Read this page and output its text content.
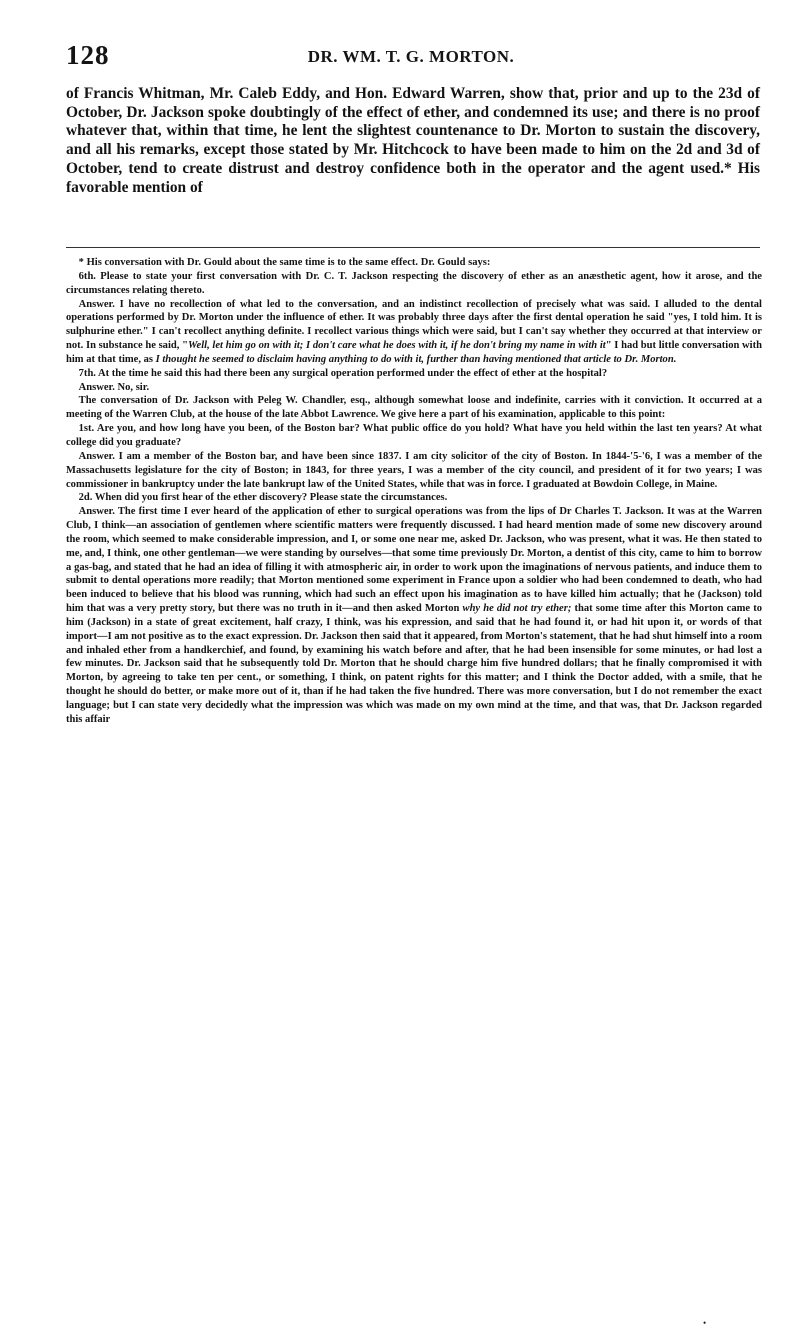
128	DR. WM. T. G. MORTON.

of Francis Whitman, Mr. Caleb Eddy, and Hon. Edward Warren, show that, prior and up to the 23d of October, Dr. Jackson spoke doubtingly of the effect of ether, and condemned its use; and there is no proof whatever that, within that time, he lent the slightest countenance to Dr. Morton to sustain the discovery, and all his remarks, except those stated by Mr. Hitchcock to have been made to him on the 2d and 3d of October, tend to create distrust and destroy confidence both in the operator and the agent used.* His favorable mention of

* His conversation with Dr. Gould about the same time is to the same effect. Dr. Gould says:

6th. Please to state your first conversation with Dr. C. T. Jackson respecting the discovery of ether as an anæsthetic agent, how it arose, and the circumstances relating thereto.

Answer. I have no recollection of what led to the conversation, and an indistinct recollection of precisely what was said. I alluded to the dental operations performed by Dr. Morton under the influence of ether. It was probably three days after the first dental operation he said "yes, I told him. It is sulphurine ether." I can't recollect anything definite. I recollect various things which were said, but I can't say whether they occurred at that interview or not. In substance he said, "Well, let him go on with it; I don't care what he does with it, if he don't bring my name in with it" I had but little conversation with him at that time, as I thought he seemed to disclaim having anything to do with it, further than having mentioned that article to Dr. Morton.

7th. At the time he said this had there been any surgical operation performed under the effect of ether at the hospital?

Answer. No, sir.

The conversation of Dr. Jackson with Peleg W. Chandler, esq., although somewhat loose and indefinite, carries with it conviction. It occurred at a meeting of the Warren Club, at the house of the late Abbot Lawrence. We give here a part of his examination, applicable to this point:

1st. Are you, and how long have you been, of the Boston bar? What public office do you hold? What have you held within the last ten years? At what college did you graduate?

Answer. I am a member of the Boston bar, and have been since 1837. I am city solicitor of the city of Boston. In 1844-'5-'6, I was a member of the Massachusetts legislature for the city of Boston; in 1843, for three years, I was a member of the city council, and president of it for two years; I was commissioner in bankruptcy under the late bankrupt law of the United States, while that was in force. I graduated at Bowdoin College, in Maine.

2d. When did you first hear of the ether discovery? Please state the circumstances.

Answer. The first time I ever heard of the application of ether to surgical operations was from the lips of Dr Charles T. Jackson. It was at the Warren Club, I think—an association of gentlemen where scientific matters were frequently discussed. I had heard mention made of some new discovery around the room, which seemed to make considerable impression, and I, or some one near me, asked Dr. Jackson, who was present, what it was. He then stated to me, and, I think, one other gentleman—we were standing by ourselves—that some time previously Dr. Morton, a dentist of this city, came to him to borrow a gas-bag, and stated that he had an idea of filling it with atmospheric air, in order to work upon the imaginations of nervous patients, and induce them to submit to dental operations more readily; that Morton mentioned some experiment in France upon a soldier who had been condemned to death, who had been induced to believe that his blood was running, which had such an effect upon his imagination as to have killed him actually; that he (Jackson) told him that was a very pretty story, but there was no truth in it—and then asked Morton why he did not try ether; that some time after this Morton came to him (Jackson) in a state of great excitement, half crazy, I think, was his expression, and said that he had found it, or had hit upon it, or words of that import—I am not positive as to the exact expression. Dr. Jackson then said that it appeared, from Morton's statement, that he had shut himself into a room and inhaled ether from a handkerchief, and found, by examining his watch before and after, that he had been insensible for some minutes, or had lost a few minutes. Dr. Jackson said that he subsequently told Dr. Morton that he should charge him five hundred dollars; that he finally compromised it with Morton, by agreeing to take ten per cent., or something, I think, on patent rights for this matter; and I think the Doctor added, with a smile, that he thought he should do better, or make more out of it, than if he had taken the five hundred. There was more conversation, but I do not remember the exact language; but I can state very decidedly what the impression was which was made on my own mind at the time, and that was, that Dr. Jackson regarded this affair

•
